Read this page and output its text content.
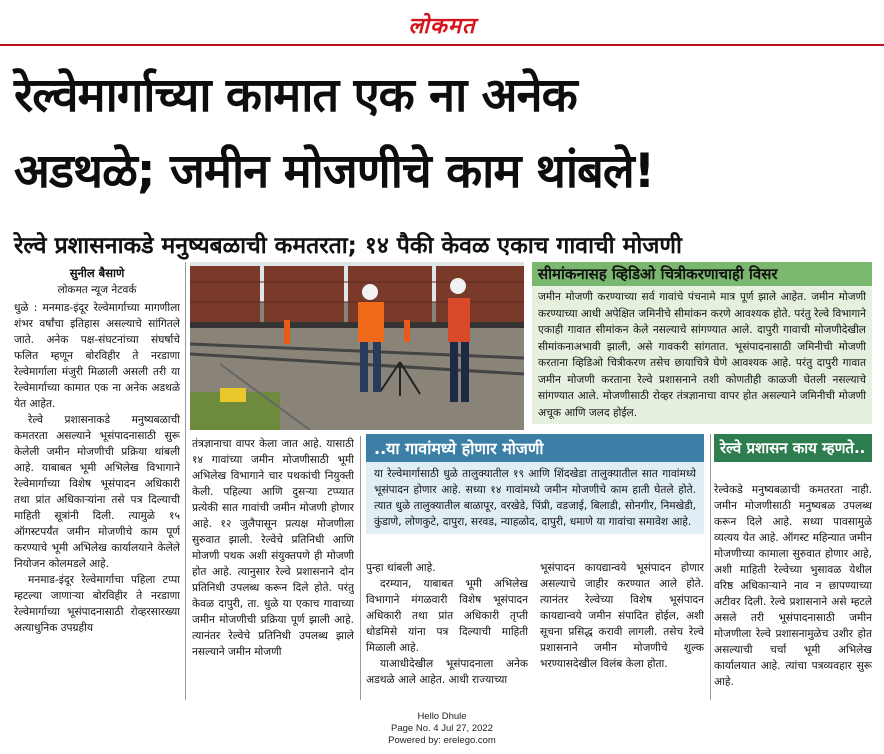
लोकमत
रेल्वेमार्गाच्या कामात एक ना अनेक
अडथळे; जमीन मोजणीचे काम थांबले!
रेल्वे प्रशासनाकडे मनुष्यबळाची कमतरता; १४ पैकी केवळ एकाच गावाची मोजणी
सुनील बैसाणे
लोकमत न्यूज नेटवर्क

धुळे : मनमाड-इंदूर रेल्वेमार्गाच्या मागणीला शंभर वर्षांचा इतिहास असल्याचे सांगितले जाते. अनेक पक्ष-संघटनांच्या संघर्षाचे फलित म्हणून बोरविहीर ते नरडाणा रेल्वेमार्गाला मंजुरी मिळाली असली तरी या रेल्वेमार्गाच्या कामात एक ना अनेक अडथळे येत आहेत.

रेल्वे प्रशासनाकडे मनुष्यबळाची कमतरता असल्याने भूसंपादनासाठी सुरू केलेली जमीन मोजणीची प्रक्रिया थांबली आहे. याबाबत भूमी अभिलेख विभागाने रेल्वेमार्गाच्या विशेष भूसंपादन अधिकारी तथा प्रांत अधिकाऱ्यांना तसे पत्र दिल्याची माहिती सूत्रांनी दिली. त्यामुळे १५ ऑगस्टपर्यंत जमीन मोजणीचे काम पूर्ण करण्याचे भूमी अभिलेख कार्यालयाने केलेले नियोजन कोलमडले आहे.

मनमाड-इंदूर रेल्वेमार्गाचा पहिला टप्पा म्हटल्या जाणाऱ्या बोरविहीर ते नरडाणा रेल्वेमार्गाच्या भूसंपादनासाठी रोव्हरसारख्या अत्याधुनिक उपग्रहीय

सीमांकनासह व्हिडिओ चित्रीकरणाचाही विसर
जमीन मोजणी करण्याच्या सर्व गावांचे पंचनामे मात्र पूर्ण झाले आहेत. जमीन मोजणी करण्याच्या आधी अपेक्षित जमिनीचे सीमांकन करणे आवश्यक होते. परंतु रेल्वे विभागाने एकाही गावात सीमांकन केले नसल्याचे सांगण्यात आले. दापुरी गावाची मोजणीदेखील सीमांकनाअभावी झाली, असे गावकरी सांगतात. भूसंपादनासाठी जमिनीची मोजणी करताना व्हिडिओ चित्रीकरण तसेच छायाचित्रे घेणे आवश्यक आहे. परंतु दापुरी गावात जमीन मोजणी करताना रेल्वे प्रशासनाने तशी कोणतीही काळजी घेतली नसल्याचे सांगण्यात आले. मोजणीसाठी रोव्हर तंत्रज्ञानाचा वापर होत असल्याने जमिनीची मोजणी अचूक आणि जलद होईल.

तंत्रज्ञानाचा वापर केला जात आहे. यासाठी १४ गावांच्या जमीन मोजणीसाठी भूमी अभिलेख विभागाने चार पथकांची नियुक्ती केली. पहिल्या आणि दुसऱ्या टप्प्यात प्रत्येकी सात गावांची जमीन मोजणी होणार आहे. १२ जुलैपासून प्रत्यक्ष मोजणीला सुरुवात झाली. रेल्वेचे प्रतिनिधी आणि मोजणी पथक अशी संयुक्तपणे ही मोजणी होत आहे. त्यानुसार रेल्वे प्रशासनाने दोन प्रतिनिधी उपलब्ध करून दिले होते. परंतु केवळ दापुरी, ता. धुळे या एकाच गावाच्या जमीन मोजणीची प्रक्रिया पूर्ण झाली आहे. त्यानंतर रेल्वेचे प्रतिनिधी उपलब्ध झाले नसल्याने जमीन मोजणी

..या गावांमध्ये होणार मोजणी
या रेल्वेमार्गासाठी धुळे तालुक्यातील १९ आणि शिंदखेडा तालुक्यातील सात गावांमध्ये भूसंपादन होणार आहे. सध्या १४ गावांमध्ये जमीन मोजणीचे काम हाती घेतले होते. त्यात धुळे तालुक्यातील बाळापूर, वरखेडे, पिंप्री, वडजाई, बिलाडी, सोनगीर, निमखेडी, कुंडाणे, लोणकुटे, दापुरा, सरवड, न्याहळोद, दापुरी, धमाणे या गावांचा समावेश आहे.

पुन्हा थांबली आहे.

दरम्यान, याबाबत भूमी अभिलेख विभागाने मंगळवारी विशेष भूसंपादन अधिकारी तथा प्रांत अधिकारी तृप्ती धोडमिसे यांना पत्र दिल्याची माहिती मिळाली आहे.

याआधीदेखील भूसंपादनाला अनेक अडथळे आले आहेत. आधी राज्याच्या

भूसंपादन कायद्यान्वये भूसंपादन होणार असल्याचे जाहीर करण्यात आले होते. त्यानंतर रेल्वेच्या विशेष भूसंपादन कायद्यान्वये जमीन संपादित होईल, अशी सूचना प्रसिद्ध करावी लागली. तसेच रेल्वे प्रशासनाने जमीन मोजणीचे शुल्क भरण्यासदेखील विलंब केला होता.

रेल्वे प्रशासन काय म्हणते..

रेल्वेकडे मनुष्यबळाची कमतरता नाही. जमीन मोजणीसाठी मनुष्यबळ उपलब्ध करून दिले आहे. सध्या पावसामुळे व्यत्यय येत आहे. ऑगस्ट महिन्यात जमीन मोजणीच्या कामाला सुरुवात होणार आहे, अशी माहिती रेल्वेच्या भुसावळ येथील वरिष्ठ अधिकाऱ्याने नाव न छापण्याच्या अटीवर दिली. रेल्वे प्रशासनाने असे म्हटले असले तरी भूसंपादनासाठी जमीन मोजणीला रेल्वे प्रशासनामुळेच उशीर होत असल्याची चर्चा भूमी अभिलेख कार्यालयात आहे. त्यांचा पत्रव्यवहार सुरू आहे.

Hello Dhule
Page No. 4 Jul 27, 2022
Powered by: erelego.com
